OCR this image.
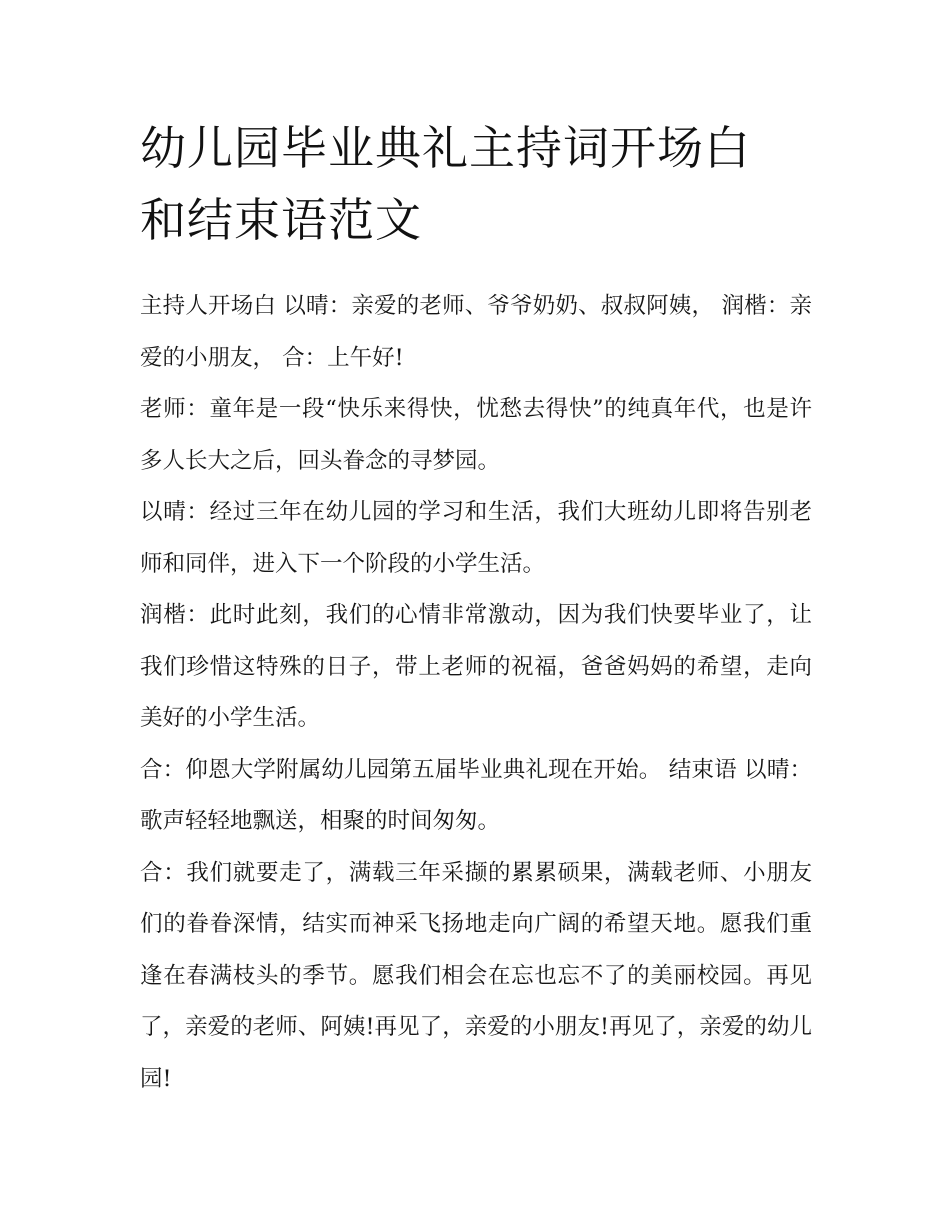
幼儿园毕业典礼主持词开场白
和结束语范文

主持人开场白 以晴：亲爱的老师、爷爷奶奶、叔叔阿姨， 润楷：亲爱的小朋友， 合：上午好!

老师：童年是一段“快乐来得快，忧愁去得快”的纯真年代，也是许多人长大之后，回头眷念的寻梦园。

以晴：经过三年在幼儿园的学习和生活，我们大班幼儿即将告别老师和同伴，进入下一个阶段的小学生活。

润楷：此时此刻，我们的心情非常激动，因为我们快要毕业了，让我们珍惜这特殊的日子，带上老师的祝福，爸爸妈妈的希望，走向美好的小学生活。

合：仰恩大学附属幼儿园第五届毕业典礼现在开始。 结束语 以晴：歌声轻轻地飘送，相聚的时间匆匆。

合：我们就要走了，满载三年采撷的累累硕果，满载老师、小朋友们的眷眷深情，结实而神采飞扬地走向广阔的希望天地。愿我们重逢在春满枝头的季节。愿我们相会在忘也忘不了的美丽校园。再见了，亲爱的老师、阿姨!再见了，亲爱的小朋友!再见了，亲爱的幼儿园!
